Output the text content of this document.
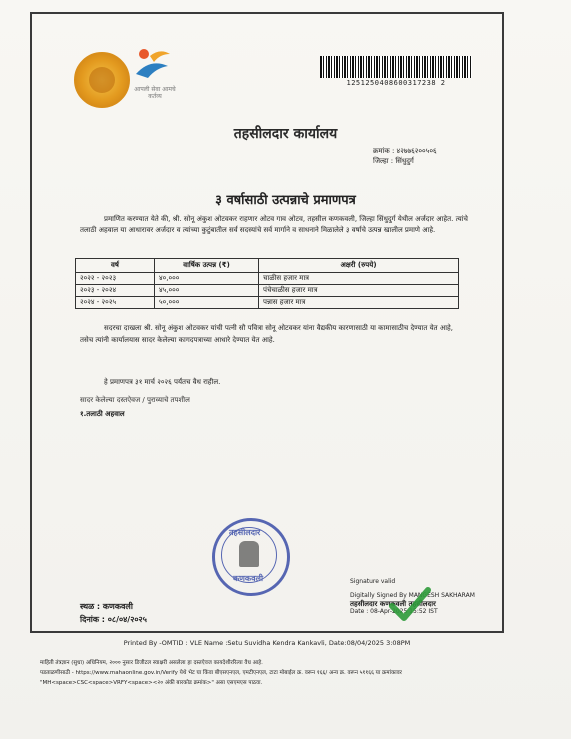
आपली सेवा आमचे कर्तव्य
1251250408600317238 2
तहसीलदार कार्यालय
क्रमांक : ४२७७६२००५०६
जिल्हा : सिंधुदुर्ग
३ वर्षासाठी उत्पन्नाचे प्रमाणपत्र
प्रमाणित करण्यात येते की, श्री. सोनू अंकुश ओटवकर राहणार ओटव गाव ओटव, तहसील कणकवली, जिल्हा सिंधुदुर्ग येथील अर्जदार आहेत. त्यांचे तलाठी अहवाल या आधारावर अर्जदार व त्यांच्या कुटुंबातील सर्व सदस्यांचे सर्व मार्गाने व साधनाने मिळालेले ३ वर्षाचे उत्पन्न खालील प्रमाणे आहे.
वर्ष	वार्षिक उत्पन्न (₹)	अक्षरी (रुपये)
२०२२ - २०२३	४०,०००	चाळीस हजार मात्र
२०२३ - २०२४	४५,०००	पंचेचाळीस हजार मात्र
२०२४ - २०२५	५०,०००	पन्नास हजार मात्र
सदरचा दाखला श्री. सोनू अंकुश ओटवकर यांची पत्नी सौ पवित्रा सोनू ओटवकर यांना वैद्यकीय कारणासाठी या कामासाठीच देण्यात येत आहे, तसेच त्यांनी कार्यालयास सादर केलेल्या कागदपत्राच्या आधारे देण्यात येत आहे.
हे प्रमाणपत्र ३१ मार्च २०२६ पर्यंतच वैध राहील.
सादर केलेल्या दस्तऐवज / पुराव्याचे तपशील
१.तलाठी अहवाल
तहसीलदार
कणकवली
स्थळ : कणकवली
दिनांक : ०८/०४/२०२५
Signature valid
Digitally Signed By MANGESH SAKHARAM
तहसीलदार कणकवली तहसीलदार
Date : 08-Apr-2025 15:52 IST
Printed By -OMTID : VLE Name :Setu Suvidha Kendra Kankavli, Date:08/04/2025 3:08PM
माहिती तंत्रज्ञान (सुधा) अधिनियम, २००० नुसार डिजीटल स्वाक्षरी असलेला हा दस्तऐवज कायदेशीररित्या वैध आहे.
पडताळणीसाठी - https://www.mahaonline.gov.in/Verify येथे भेट घा किंवा बीएसएनएल, एमटीएनएल, टाटा मोबाईल क्र. वरून १६६/ अन्य क्र. वरून ५११६६ या क्रमांकावर
"MH<space>CSC<space>VRFY<space><२० अंकी बारकोड क्रमांक>" असा एसएमएस पाठवा.
